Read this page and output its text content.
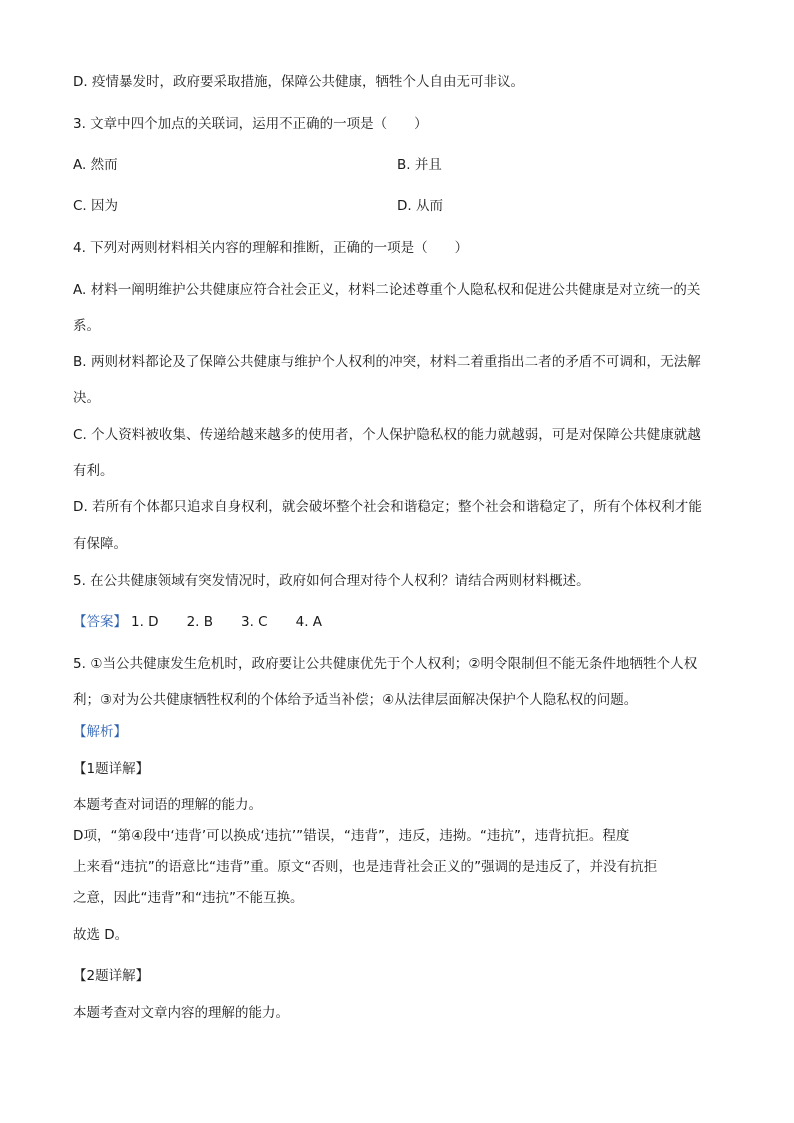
D. 疫情暴发时，政府要采取措施，保障公共健康，牺牲个人自由无可非议。
3. 文章中四个加点的关联词，运用不正确的一项是（　　）
A. 然而	B. 并且
C. 因为	D. 从而
4. 下列对两则材料相关内容的理解和推断，正确的一项是（　　）
A. 材料一阐明维护公共健康应符合社会正义，材料二论述尊重个人隐私权和促进公共健康是对立统一的关
系。
B. 两则材料都论及了保障公共健康与维护个人权利的冲突，材料二着重指出二者的矛盾不可调和，无法解
决。
C. 个人资料被收集、传递给越来越多的使用者，个人保护隐私权的能力就越弱，可是对保障公共健康就越
有利。
D. 若所有个体都只追求自身权利，就会破坏整个社会和谐稳定；整个社会和谐稳定了，所有个体权利才能
有保障。
5. 在公共健康领域有突发情况时，政府如何合理对待个人权利？请结合两则材料概述。
【答案】 1. D 2. B 3. C 4. A
5. ①当公共健康发生危机时，政府要让公共健康优先于个人权利；②明令限制但不能无条件地牺牲个人权
利；③对为公共健康牺牲权利的个体给予适当补偿；④从法律层面解决保护个人隐私权的问题。
【解析】
【1题详解】
本题考查对词语的理解的能力。
D项，“第④段中‘违背’可以换成‘违抗’”错误，“违背”，违反，违拗。“违抗”，违背抗拒。程度
上来看“违抗”的语意比“违背”重。原文“否则，也是违背社会正义的”强调的是违反了，并没有抗拒
之意，因此“违背”和“违抗”不能互换。
故选 D。
【2题详解】
本题考查对文章内容的理解的能力。
